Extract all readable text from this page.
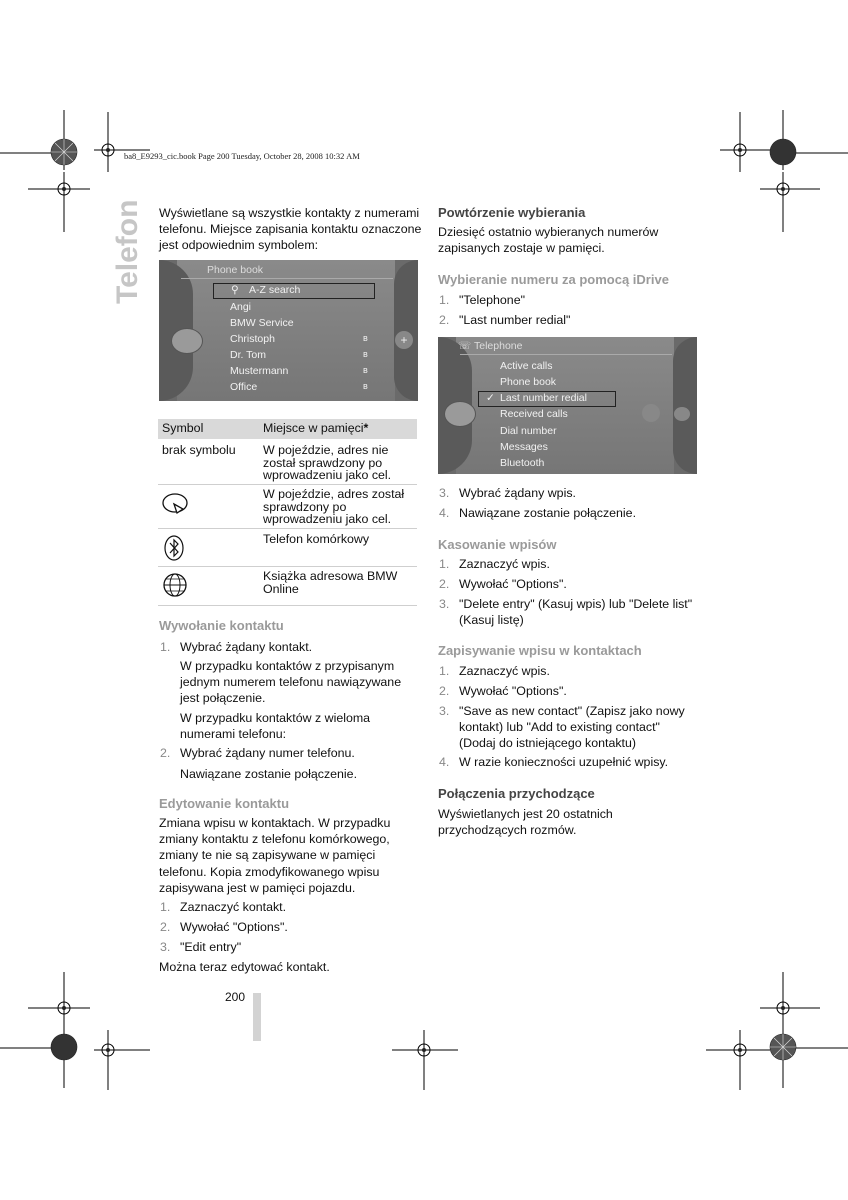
ba8_E9293_cic.book Page 200 Tuesday, October 28, 2008 10:32 AM
Telefon Wyświetlane są wszystkie kontakty z numerami
telefonu. Miejsce zapisania kontaktu oznaczone
jest odpowiednim symbolem:
+
Phone book
⚲ A-Z search
Angi
BMW Service
Christoph
Dr. Tom
Mustermann
Office
ʙ
ʙ
ʙ
ʙ
Symbol	Miejsce w pamięci*
brak symbolu W pojeździe, adres nie
został sprawdzony po
wprowadzeniu jako cel.
W pojeździe, adres został
sprawdzony po
wprowadzeniu jako cel.
Telefon komórkowy
Książka adresowa BMW
Online
Wywołanie kontaktu
1. Wybrać żądany kontakt.
W przypadku kontaktów z przypisanym
jednym numerem telefonu nawiązywane
jest połączenie.
W przypadku kontaktów z wieloma
numerami telefonu:
2. Wybrać żądany numer telefonu.
Nawiązane zostanie połączenie.
Edytowanie kontaktu
Zmiana wpisu w kontaktach. W przypadku
zmiany kontaktu z telefonu komórkowego,
zmiany te nie są zapisywane w pamięci
telefonu. Kopia zmodyfikowanego wpisu
zapisywana jest w pamięci pojazdu.
1. Zaznaczyć kontakt.
2. Wywołać "Options".
3. "Edit entry"
Można teraz edytować kontakt.
200
Powtórzenie wybierania
Dziesięć ostatnio wybieranych numerów
zapisanych zostaje w pamięci.
Wybieranie numeru za pomocą iDrive
1. "Telephone"
2. "Last number redial"
☏ Telephone
Active calls
Phone book
✓ Last number redial
Received calls
Dial number
Messages
Bluetooth
3. Wybrać żądany wpis.
4. Nawiązane zostanie połączenie.
Kasowanie wpisów
1. Zaznaczyć wpis.
2. Wywołać "Options".
3. "Delete entry" (Kasuj wpis) lub "Delete list"
(Kasuj listę)
Zapisywanie wpisu w kontaktach
1. Zaznaczyć wpis.
2. Wywołać "Options".
3. "Save as new contact" (Zapisz jako nowy
kontakt) lub "Add to existing contact"
(Dodaj do istniejącego kontaktu)
4. W razie konieczności uzupełnić wpisy.
Połączenia przychodzące
Wyświetlanych jest 20 ostatnich
przychodzących rozmów.
